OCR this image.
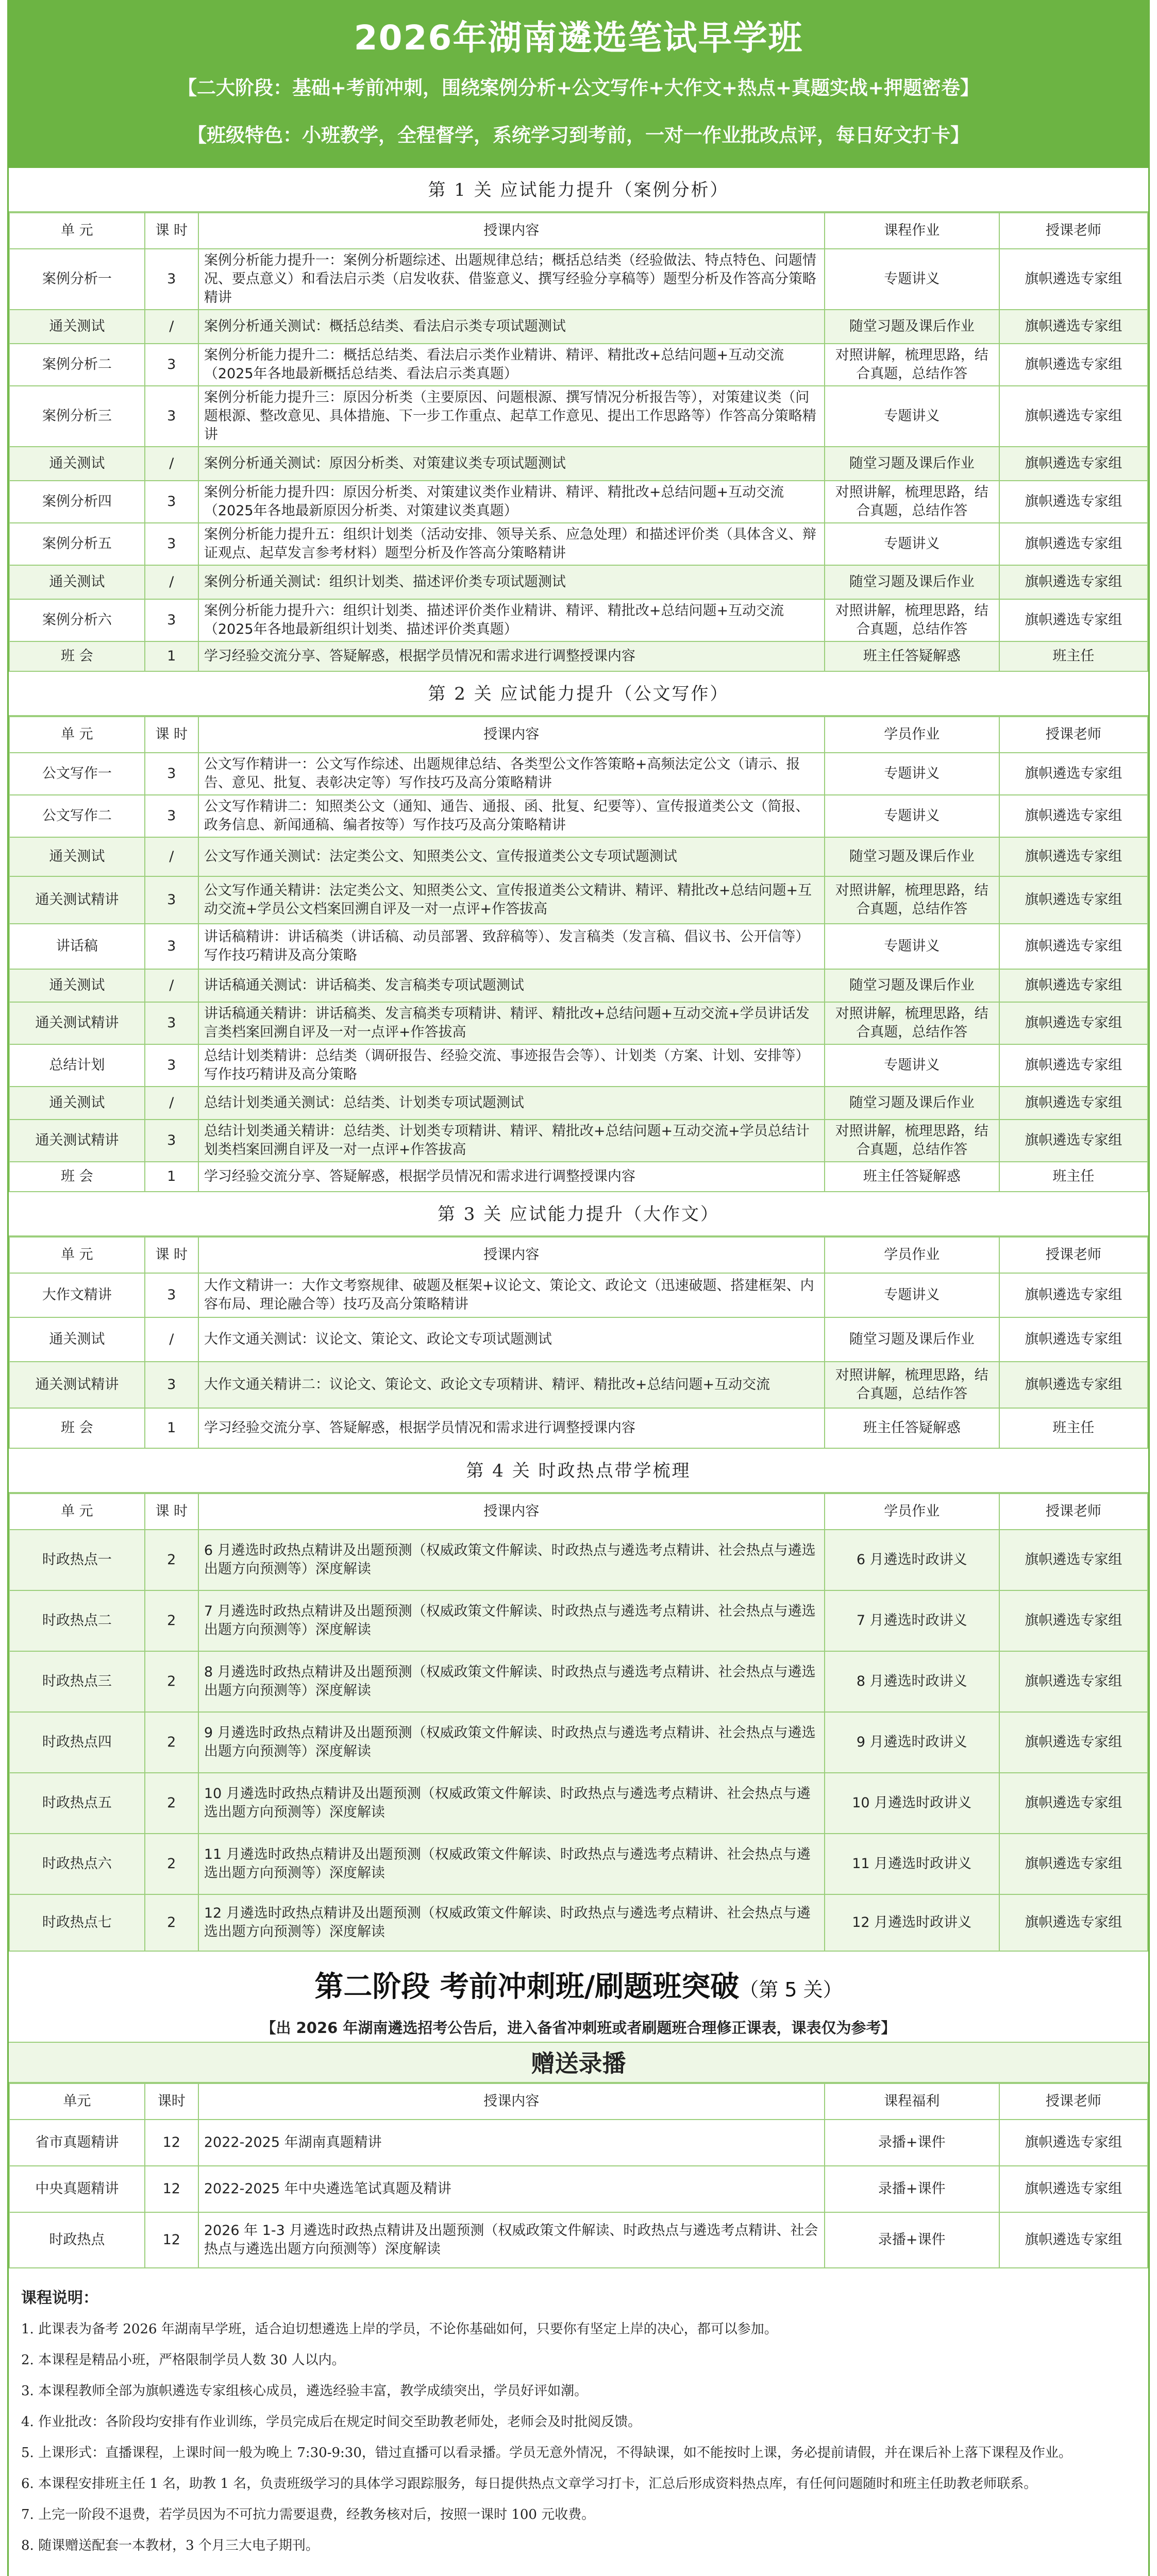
2026年湖南遴选笔试早学班
【二大阶段：基础+考前冲刺，围绕案例分析+公文写作+大作文+热点+真题实战+押题密卷】
【班级特色：小班教学，全程督学，系统学习到考前，一对一作业批改点评，每日好文打卡】
第 1 关 应试能力提升（案例分析）
单 元	课 时	授课内容	课程作业	授课老师
案例分析一	3	案例分析能力提升一：案例分析题综述、出题规律总结；概括总结类（经验做法、特点特色、问题情况、要点意义）和看法启示类（启发收获、借鉴意义、撰写经验分享稿等）题型分析及作答高分策略精讲	专题讲义	旗帜遴选专家组
通关测试	/	案例分析通关测试：概括总结类、看法启示类专项试题测试	随堂习题及课后作业	旗帜遴选专家组
案例分析二	3	案例分析能力提升二：概括总结类、看法启示类作业精讲、精评、精批改+总结问题+互动交流（2025年各地最新概括总结类、看法启示类真题）	对照讲解，梳理思路，结合真题，总结作答	旗帜遴选专家组
案例分析三	3	案例分析能力提升三：原因分析类（主要原因、问题根源、撰写情况分析报告等），对策建议类（问题根源、整改意见、具体措施、下一步工作重点、起草工作意见、提出工作思路等）作答高分策略精讲	专题讲义	旗帜遴选专家组
通关测试	/	案例分析通关测试：原因分析类、对策建议类专项试题测试	随堂习题及课后作业	旗帜遴选专家组
案例分析四	3	案例分析能力提升四：原因分析类、对策建议类作业精讲、精评、精批改+总结问题+互动交流（2025年各地最新原因分析类、对策建议类真题）	对照讲解，梳理思路，结合真题，总结作答	旗帜遴选专家组
案例分析五	3	案例分析能力提升五：组织计划类（活动安排、领导关系、应急处理）和描述评价类（具体含义、辩证观点、起草发言参考材料）题型分析及作答高分策略精讲	专题讲义	旗帜遴选专家组
通关测试	/	案例分析通关测试：组织计划类、描述评价类专项试题测试	随堂习题及课后作业	旗帜遴选专家组
案例分析六	3	案例分析能力提升六：组织计划类、描述评价类作业精讲、精评、精批改+总结问题+互动交流（2025年各地最新组织计划类、描述评价类真题）	对照讲解，梳理思路，结合真题，总结作答	旗帜遴选专家组
班 会	1	学习经验交流分享、答疑解惑，根据学员情况和需求进行调整授课内容	班主任答疑解惑	班主任
第 2 关 应试能力提升（公文写作）
单 元	课 时	授课内容	学员作业	授课老师
公文写作一	3	公文写作精讲一：公文写作综述、出题规律总结、各类型公文作答策略+高频法定公文（请示、报告、意见、批复、表彰决定等）写作技巧及高分策略精讲	专题讲义	旗帜遴选专家组
公文写作二	3	公文写作精讲二：知照类公文（通知、通告、通报、函、批复、纪要等）、宣传报道类公文（简报、政务信息、新闻通稿、编者按等）写作技巧及高分策略精讲	专题讲义	旗帜遴选专家组
通关测试	/	公文写作通关测试：法定类公文、知照类公文、宣传报道类公文专项试题测试	随堂习题及课后作业	旗帜遴选专家组
通关测试精讲	3	公文写作通关精讲：法定类公文、知照类公文、宣传报道类公文精讲、精评、精批改+总结问题+互动交流+学员公文档案回溯自评及一对一点评+作答拔高	对照讲解，梳理思路，结合真题，总结作答	旗帜遴选专家组
讲话稿	3	讲话稿精讲：讲话稿类（讲话稿、动员部署、致辞稿等）、发言稿类（发言稿、倡议书、公开信等）写作技巧精讲及高分策略	专题讲义	旗帜遴选专家组
通关测试	/	讲话稿通关测试：讲话稿类、发言稿类专项试题测试	随堂习题及课后作业	旗帜遴选专家组
通关测试精讲	3	讲话稿通关精讲：讲话稿类、发言稿类专项精讲、精评、精批改+总结问题+互动交流+学员讲话发言类档案回溯自评及一对一点评+作答拔高	对照讲解，梳理思路，结合真题，总结作答	旗帜遴选专家组
总结计划	3	总结计划类精讲：总结类（调研报告、经验交流、事迹报告会等）、计划类（方案、计划、安排等）写作技巧精讲及高分策略	专题讲义	旗帜遴选专家组
通关测试	/	总结计划类通关测试：总结类、计划类专项试题测试	随堂习题及课后作业	旗帜遴选专家组
通关测试精讲	3	总结计划类通关精讲：总结类、计划类专项精讲、精评、精批改+总结问题+互动交流+学员总结计划类档案回溯自评及一对一点评+作答拔高	对照讲解，梳理思路，结合真题，总结作答	旗帜遴选专家组
班 会	1	学习经验交流分享、答疑解惑，根据学员情况和需求进行调整授课内容	班主任答疑解惑	班主任
第 3 关 应试能力提升（大作文）
单 元	课 时	授课内容	学员作业	授课老师
大作文精讲	3	大作文精讲一：大作文考察规律、破题及框架+议论文、策论文、政论文（迅速破题、搭建框架、内容布局、理论融合等）技巧及高分策略精讲	专题讲义	旗帜遴选专家组
通关测试	/	大作文通关测试：议论文、策论文、政论文专项试题测试	随堂习题及课后作业	旗帜遴选专家组
通关测试精讲	3	大作文通关精讲二：议论文、策论文、政论文专项精讲、精评、精批改+总结问题+互动交流	对照讲解，梳理思路，结合真题，总结作答	旗帜遴选专家组
班 会	1	学习经验交流分享、答疑解惑，根据学员情况和需求进行调整授课内容	班主任答疑解惑	班主任
第 4 关 时政热点带学梳理
单 元	课 时	授课内容	学员作业	授课老师
时政热点一	2	6 月遴选时政热点精讲及出题预测（权威政策文件解读、时政热点与遴选考点精讲、社会热点与遴选出题方向预测等）深度解读	6 月遴选时政讲义	旗帜遴选专家组
时政热点二	2	7 月遴选时政热点精讲及出题预测（权威政策文件解读、时政热点与遴选考点精讲、社会热点与遴选出题方向预测等）深度解读	7 月遴选时政讲义	旗帜遴选专家组
时政热点三	2	8 月遴选时政热点精讲及出题预测（权威政策文件解读、时政热点与遴选考点精讲、社会热点与遴选出题方向预测等）深度解读	8 月遴选时政讲义	旗帜遴选专家组
时政热点四	2	9 月遴选时政热点精讲及出题预测（权威政策文件解读、时政热点与遴选考点精讲、社会热点与遴选出题方向预测等）深度解读	9 月遴选时政讲义	旗帜遴选专家组
时政热点五	2	10 月遴选时政热点精讲及出题预测（权威政策文件解读、时政热点与遴选考点精讲、社会热点与遴选出题方向预测等）深度解读	10 月遴选时政讲义	旗帜遴选专家组
时政热点六	2	11 月遴选时政热点精讲及出题预测（权威政策文件解读、时政热点与遴选考点精讲、社会热点与遴选出题方向预测等）深度解读	11 月遴选时政讲义	旗帜遴选专家组
时政热点七	2	12 月遴选时政热点精讲及出题预测（权威政策文件解读、时政热点与遴选考点精讲、社会热点与遴选出题方向预测等）深度解读	12 月遴选时政讲义	旗帜遴选专家组
第二阶段 考前冲刺班/刷题班突破（第 5 关）
【出 2026 年湖南遴选招考公告后，进入备省冲刺班或者刷题班合理修正课表，课表仅为参考】
赠送录播
单元	课时	授课内容	课程福利	授课老师
省市真题精讲	12	2022-2025 年湖南真题精讲	录播+课件	旗帜遴选专家组
中央真题精讲	12	2022-2025 年中央遴选笔试真题及精讲	录播+课件	旗帜遴选专家组
时政热点	12	2026 年 1-3 月遴选时政热点精讲及出题预测（权威政策文件解读、时政热点与遴选考点精讲、社会热点与遴选出题方向预测等）深度解读	录播+课件	旗帜遴选专家组
课程说明：
1. 此课表为备考 2026 年湖南早学班，适合迫切想遴选上岸的学员，不论你基础如何，只要你有坚定上岸的决心，都可以参加。
2. 本课程是精品小班，严格限制学员人数 30 人以内。
3. 本课程教师全部为旗帜遴选专家组核心成员，遴选经验丰富，教学成绩突出，学员好评如潮。
4. 作业批改：各阶段均安排有作业训练，学员完成后在规定时间交至助教老师处，老师会及时批阅反馈。
5. 上课形式：直播课程，上课时间一般为晚上 7:30-9:30，错过直播可以看录播。学员无意外情况，不得缺课，如不能按时上课，务必提前请假，并在课后补上落下课程及作业。
6. 本课程安排班主任 1 名，助教 1 名，负责班级学习的具体学习跟踪服务，每日提供热点文章学习打卡，汇总后形成资料热点库，有任何问题随时和班主任助教老师联系。
7. 上完一阶段不退费，若学员因为不可抗力需要退费，经教务核对后，按照一课时 100 元收费。
8. 随课赠送配套一本教材，3 个月三大电子期刊。
